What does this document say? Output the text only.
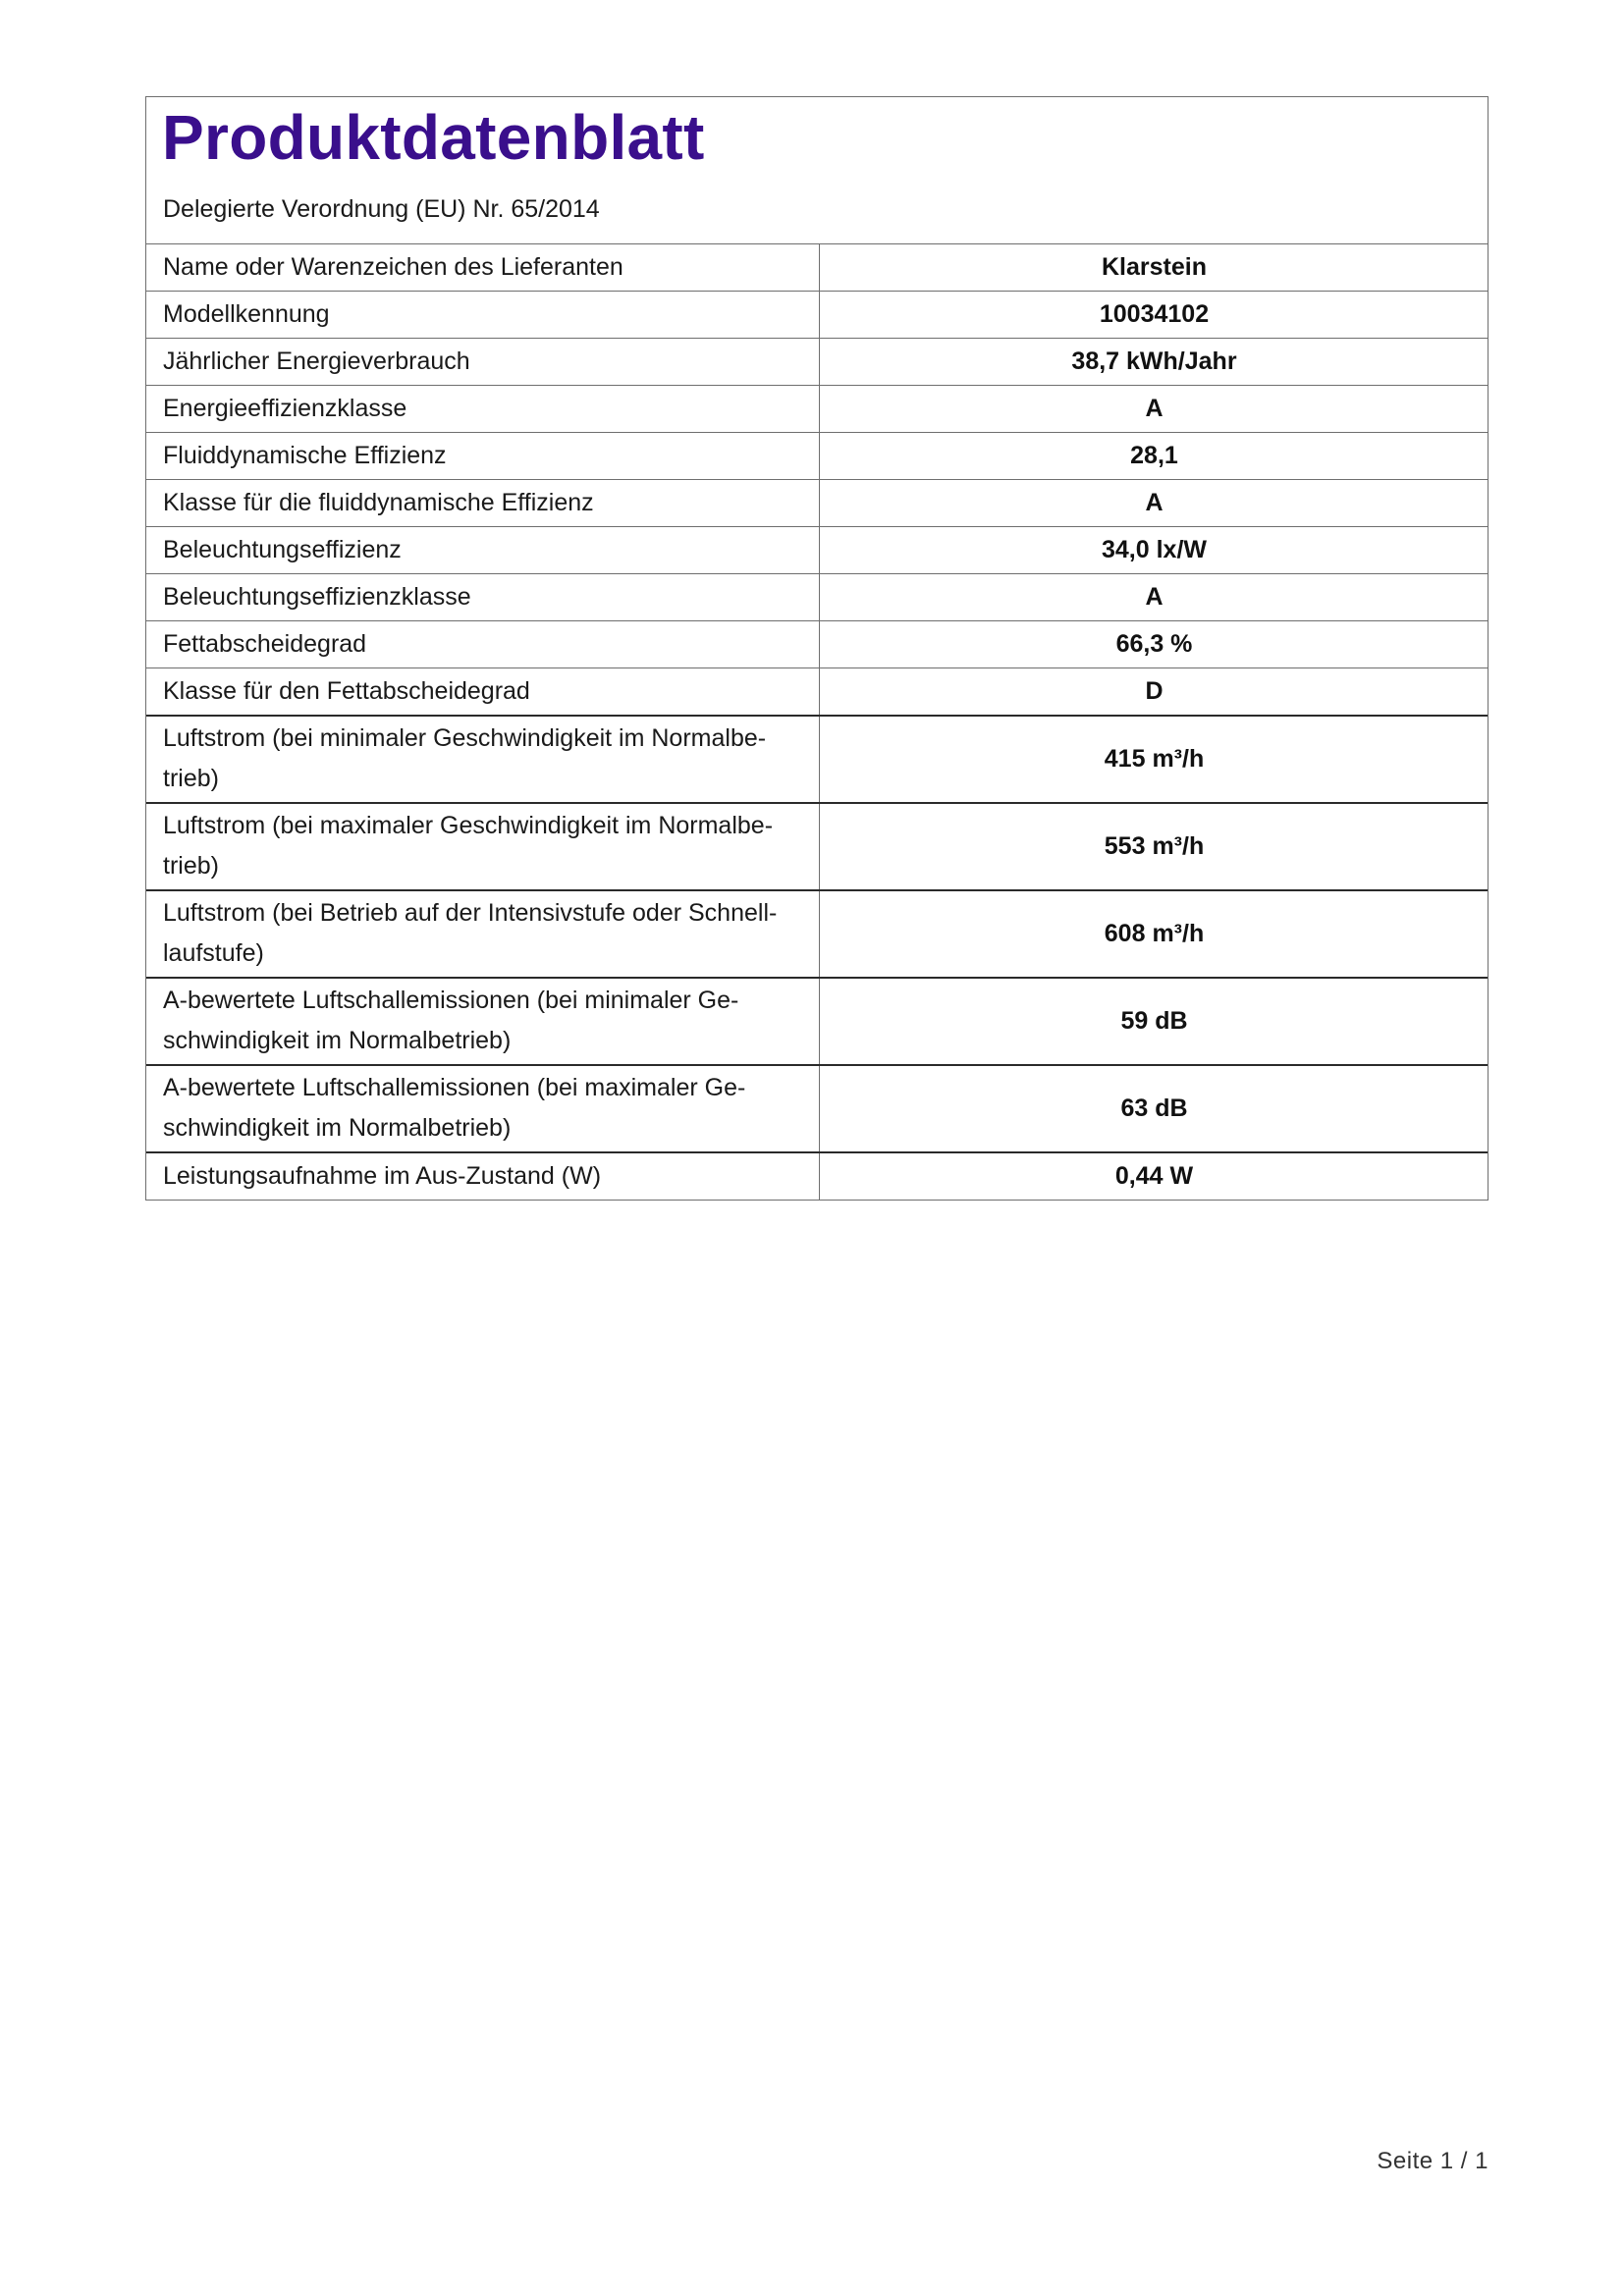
Produktdatenblatt
Delegierte Verordnung (EU) Nr. 65/2014
Name oder Warenzeichen des Lieferanten	Klarstein
Modellkennung	10034102
Jährlicher Energieverbrauch	38,7 kWh/Jahr
Energieeffizienzklasse	A
Fluiddynamische Effizienz	28,1
Klasse für die fluiddynamische Effizienz	A
Beleuchtungseffizienz	34,0 lx/W
Beleuchtungseffizienzklasse	A
Fettabscheidegrad	66,3 %
Klasse für den Fettabscheidegrad	D
Luftstrom (bei minimaler Geschwindigkeit im Normalbe-
trieb)	415 m³/h
Luftstrom (bei maximaler Geschwindigkeit im Normalbe-
trieb)	553 m³/h
Luftstrom (bei Betrieb auf der Intensivstufe oder Schnell-
laufstufe)	608 m³/h
A-bewertete Luftschallemissionen (bei minimaler Ge-
schwindigkeit im Normalbetrieb)	59 dB
A-bewertete Luftschallemissionen (bei maximaler Ge-
schwindigkeit im Normalbetrieb)	63 dB
Leistungsaufnahme im Aus-Zustand (W)	0,44 W
Seite 1 / 1
